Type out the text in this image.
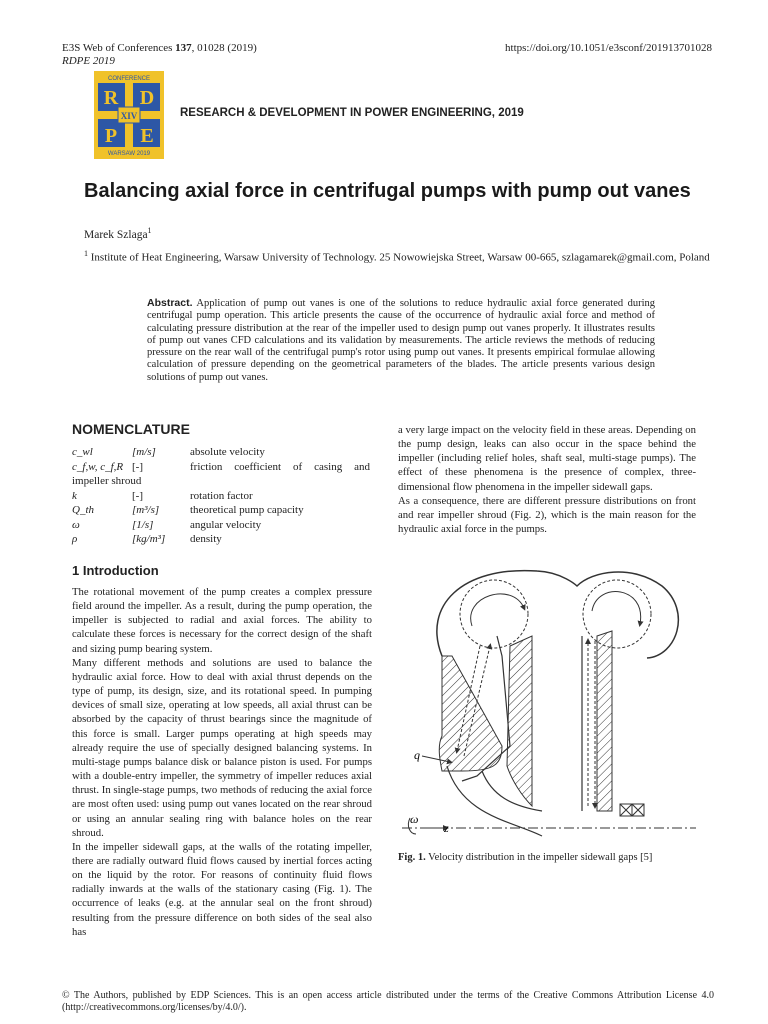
E3S Web of Conferences 137, 01028 (2019)
RDPE 2019
https://doi.org/10.1051/e3sconf/201913701028
CONFERENCE
R D
P E
XIV
WARSAW 2019
RESEARCH & DEVELOPMENT IN POWER ENGINEERING, 2019
Balancing axial force in centrifugal pumps with pump out vanes
Marek Szlaga$^1$
$^1$ Institute of Heat Engineering, Warsaw University of Technology. 25 Nowowiejska Street, Warsaw 00-665, szlagamarek@gmail.com, Poland
Abstract. Application of pump out vanes is one of the solutions to reduce hydraulic axial force generated during centrifugal pump operation. This article presents the cause of the occurrence of hydraulic axial force and method of calculating pressure distribution at the rear of the impeller used to design pump out vanes properly. It illustrates results of pump out vanes CFD calculations and its validation by measurements. The article reviews the methods of reducing pressure on the rear wall of the centrifugal pump's rotor using pump out vanes. It presents empirical formulae allowing calculation of pressure depending on the geometrical parameters of the blades. The article presents various design solutions of pump out vanes.
NOMENCLATURE
c_wl	[m/s]	absolute velocity
c_f,w, c_f,R [-]	friction coefficient of casing and
impeller shroud
k	[-]	rotation factor
Q_th	[m³/s]	theoretical pump capacity
ω	[1/s]	angular velocity
ρ	[kg/m³] density
1 Introduction

The rotational movement of the pump creates a complex pressure field around the impeller. As a result, during the pump operation, the impeller is subjected to radial and axial forces. The ability to calculate these forces is necessary for the correct design of the shaft and sizing pump bearing system.

Many different methods and solutions are used to balance the hydraulic axial force. How to deal with axial thrust depends on the type of pump, its design, size, and its rotational speed. In pumping devices of small size, operating at low speeds, all axial thrust can be absorbed by the capacity of thrust bearings since the magnitude of this force is small. Larger pumps operating at high speeds may already require the use of specially designed balancing systems. In multi-stage pumps balance disk or balance piston is used. For pumps with a double-entry impeller, the symmetry of impeller reduces axial thrust. In single-stage pumps, two methods of reducing the axial force are most often used: using pump out vanes located on the rear shroud or using an annular sealing ring with balance holes on the rear shroud.

In the impeller sidewall gaps, at the walls of the rotating impeller, there are radially outward fluid flows caused by inertial forces acting on the liquid by the rotor. For reasons of continuity fluid flows radially inwards at the walls of the stationary casing (Fig. 1). The occurrence of leaks (e.g. at the annular seal on the front shroud) resulting from the pressure difference on both sides of the seal also has

a very large impact on the velocity field in these areas. Depending on the pump design, leaks can also occur in the space behind the impeller (including relief holes, shaft seal, multi-stage pumps). The effect of these phenomena is the presence of complex, three-dimensional flow phenomena in the impeller sidewall gaps.

As a consequence, there are different pressure distributions on front and rear impeller shroud (Fig. 2), which is the main reason for the hydraulic axial force in the pumps.

q
ω
z
Fig. 1. Velocity distribution in the impeller sidewall gaps [5]
© The Authors, published by EDP Sciences. This is an open access article distributed under the terms of the Creative Commons Attribution License 4.0 (http://creativecommons.org/licenses/by/4.0/).
